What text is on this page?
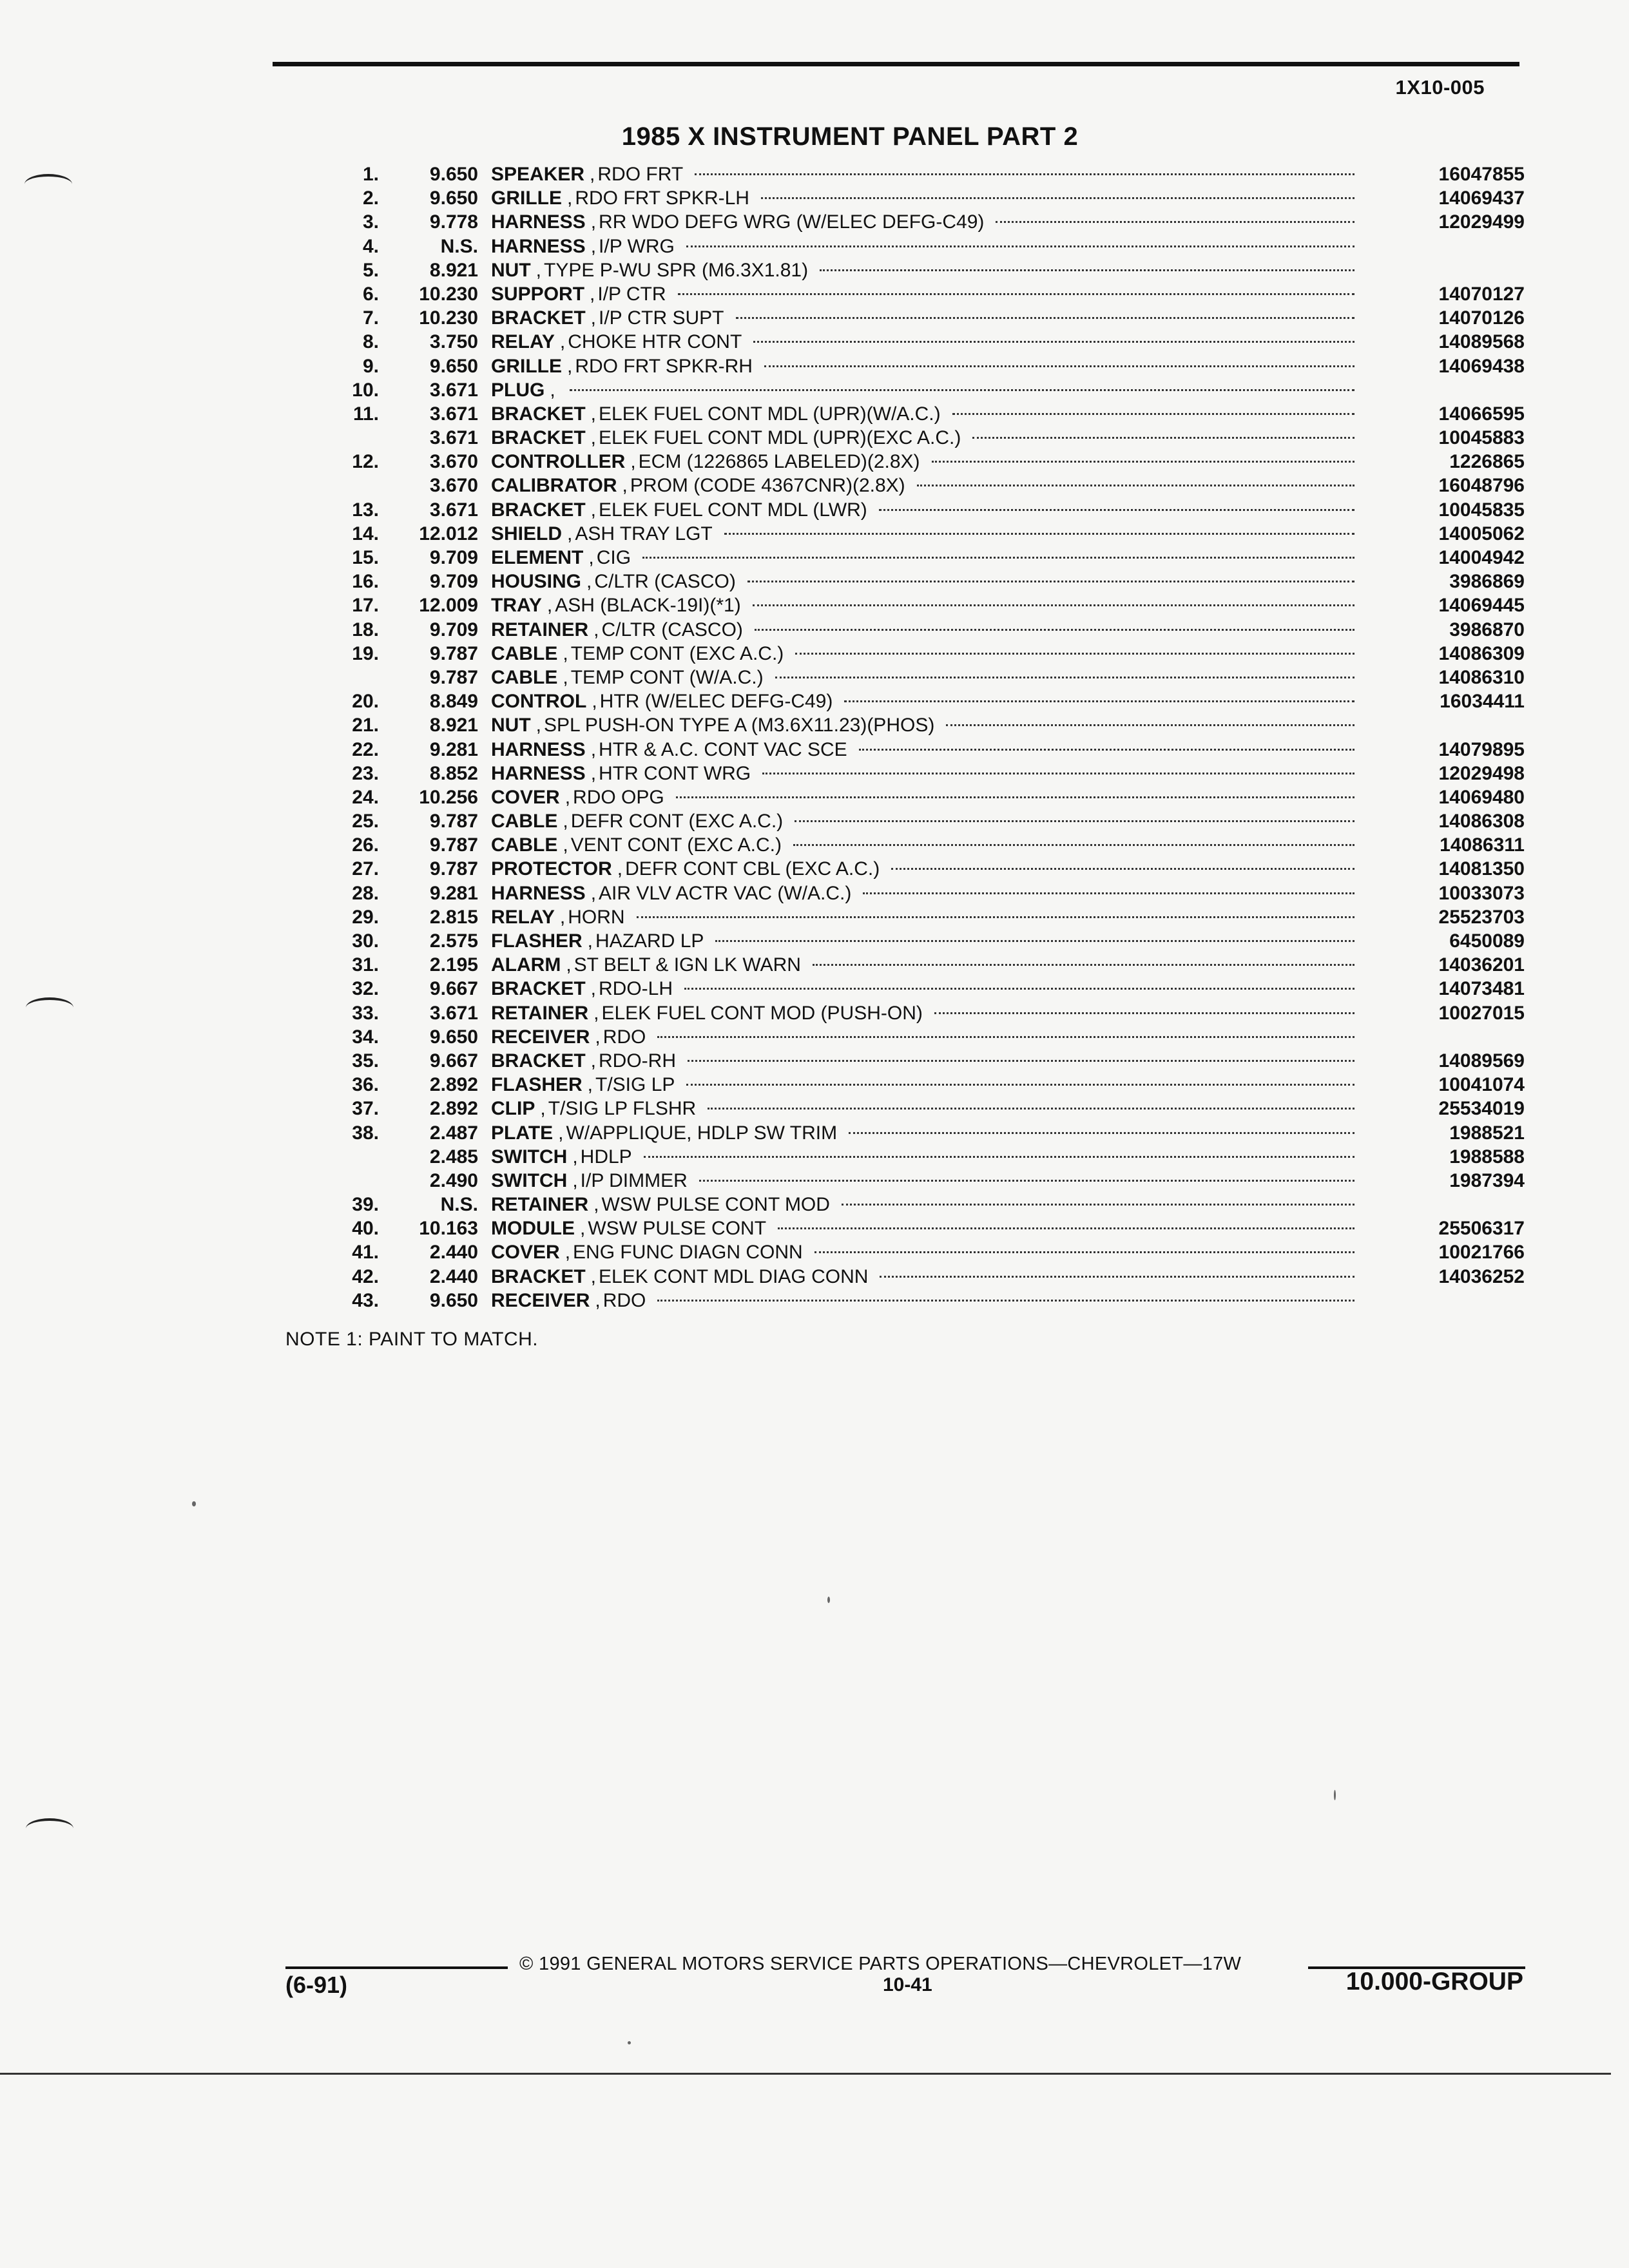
1X10-005
1985 X INSTRUMENT PANEL PART 2
1.	9.650 SPEAKER , RDO FRT	16047855
2.	9.650 GRILLE , RDO FRT SPKR-LH	14069437
3.	9.778 HARNESS , RR WDO DEFG WRG (W/ELEC DEFG-C49)	12029499
4.	N.S. HARNESS , I/P WRG
5.	8.921 NUT , TYPE P-WU SPR (M6.3X1.81)
6.	10.230 SUPPORT , I/P CTR	14070127
7.	10.230 BRACKET , I/P CTR SUPT	14070126
8.	3.750 RELAY , CHOKE HTR CONT	14089568
9.	9.650 GRILLE , RDO FRT SPKR-RH	14069438
10.	3.671 PLUG ,
11.	3.671 BRACKET , ELEK FUEL CONT MDL (UPR)(W/A.C.)	14066595
3.671 BRACKET , ELEK FUEL CONT MDL (UPR)(EXC A.C.)	10045883
12.	3.670 CONTROLLER , ECM (1226865 LABELED)(2.8X)	1226865
3.670 CALIBRATOR , PROM (CODE 4367CNR)(2.8X)	16048796
13.	3.671 BRACKET , ELEK FUEL CONT MDL (LWR)	10045835
14.	12.012 SHIELD , ASH TRAY LGT	14005062
15.	9.709 ELEMENT , CIG	14004942
16.	9.709 HOUSING , C/LTR (CASCO)	3986869
17.	12.009 TRAY , ASH (BLACK-19I)(*1)	14069445
18.	9.709 RETAINER , C/LTR (CASCO)	3986870
19.	9.787 CABLE , TEMP CONT (EXC A.C.)	14086309
9.787 CABLE , TEMP CONT (W/A.C.)	14086310
20.	8.849 CONTROL , HTR (W/ELEC DEFG-C49)	16034411
21.	8.921 NUT , SPL PUSH-ON TYPE A (M3.6X11.23)(PHOS)
22.	9.281 HARNESS , HTR & A.C. CONT VAC SCE	14079895
23.	8.852 HARNESS , HTR CONT WRG	12029498
24.	10.256 COVER , RDO OPG	14069480
25.	9.787 CABLE , DEFR CONT (EXC A.C.)	14086308
26.	9.787 CABLE , VENT CONT (EXC A.C.)	14086311
27.	9.787 PROTECTOR , DEFR CONT CBL (EXC A.C.)	14081350
28.	9.281 HARNESS , AIR VLV ACTR VAC (W/A.C.)	10033073
29.	2.815 RELAY , HORN	25523703
30.	2.575 FLASHER , HAZARD LP	6450089
31.	2.195 ALARM , ST BELT & IGN LK WARN	14036201
32.	9.667 BRACKET , RDO-LH	14073481
33.	3.671 RETAINER , ELEK FUEL CONT MOD (PUSH-ON)	10027015
34.	9.650 RECEIVER , RDO
35.	9.667 BRACKET , RDO-RH	14089569
36.	2.892 FLASHER , T/SIG LP	10041074
37.	2.892 CLIP , T/SIG LP FLSHR	25534019
38.	2.487 PLATE , W/APPLIQUE, HDLP SW TRIM	1988521
2.485 SWITCH , HDLP	1988588
2.490 SWITCH , I/P DIMMER	1987394
39.	N.S. RETAINER , WSW PULSE CONT MOD
40.	10.163 MODULE , WSW PULSE CONT	25506317
41.	2.440 COVER , ENG FUNC DIAGN CONN	10021766
42.	2.440 BRACKET , ELEK CONT MDL DIAG CONN	14036252
43.	9.650 RECEIVER , RDO
NOTE 1: PAINT TO MATCH.
© 1991 GENERAL MOTORS SERVICE PARTS OPERATIONS—CHEVROLET—17W
(6-91)	10-41	10.000-GROUP
